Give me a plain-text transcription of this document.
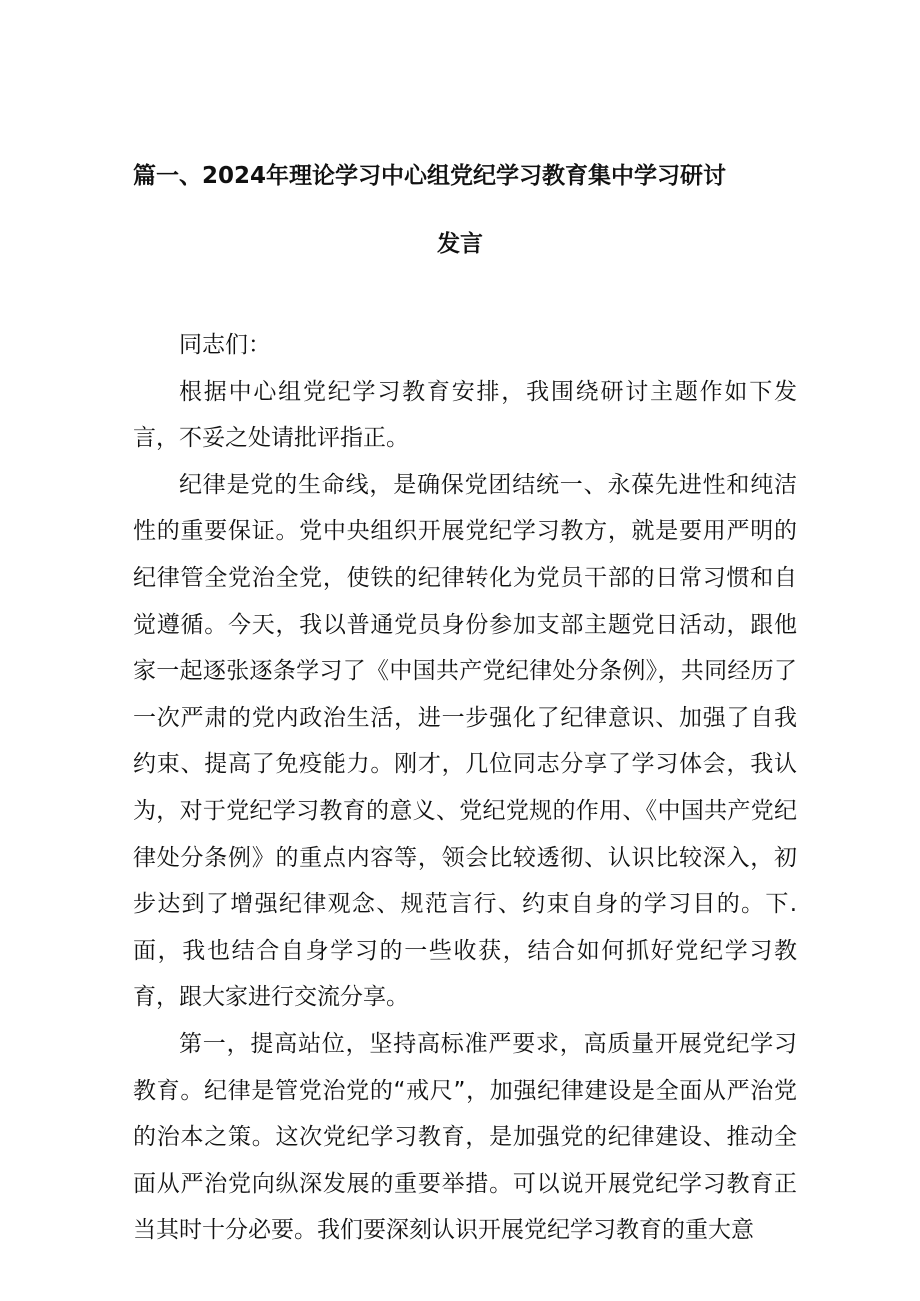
篇一、2024年理论学习中心组党纪学习教育集中学习研讨
发言

同志们：

根据中心组党纪学习教育安排，我围绕研讨主题作如下发言，不妥之处请批评指正。

纪律是党的生命线，是确保党团结统一、永葆先进性和纯洁性的重要保证。党中央组织开展党纪学习教方，就是要用严明的纪律管全党治全党，使铁的纪律转化为党员干部的日常习惯和自觉遵循。今天，我以普通党员身份参加支部主题党日活动，跟他家一起逐张逐条学习了《中国共产党纪律处分条例》，共同经历了一次严肃的党内政治生活，进一步强化了纪律意识、加强了自我约束、提高了免疫能力。刚才，几位同志分享了学习体会，我认为，对于党纪学习教育的意义、党纪党规的作用、《中国共产党纪律处分条例》的重点内容等，领会比较透彻、认识比较深入，初步达到了增强纪律观念、规范言行、约束自身的学习目的。下.面，我也结合自身学习的一些收获，结合如何抓好党纪学习教育，跟大家进行交流分享。

第一，提高站位，坚持高标准严要求，高质量开展党纪学习教育。纪律是管党治党的“戒尺”，加强纪律建设是全面从严治党的治本之策。这次党纪学习教育，是加强党的纪律建设、推动全面从严治党向纵深发展的重要举措。可以说开展党纪学习教育正当其时十分必要。我们要深刻认识开展党纪学习教育的重大意
